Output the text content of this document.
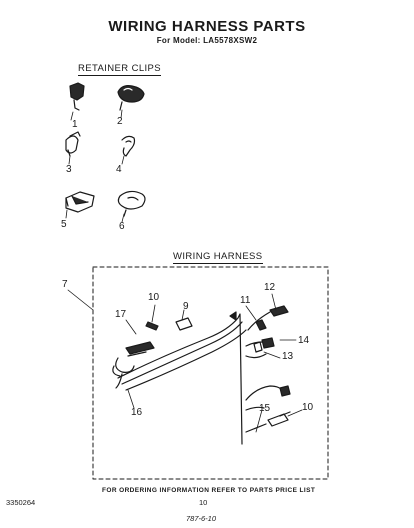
WIRING HARNESS PARTS
For Model: LA5578XSW2
RETAINER CLIPS
WIRING HARNESS
1	2
3	4
5	6
7
10
9
17
11
12
14
13
10
15
16
FOR ORDERING INFORMATION REFER TO PARTS PRICE LIST
3350264	10
787-6-10
